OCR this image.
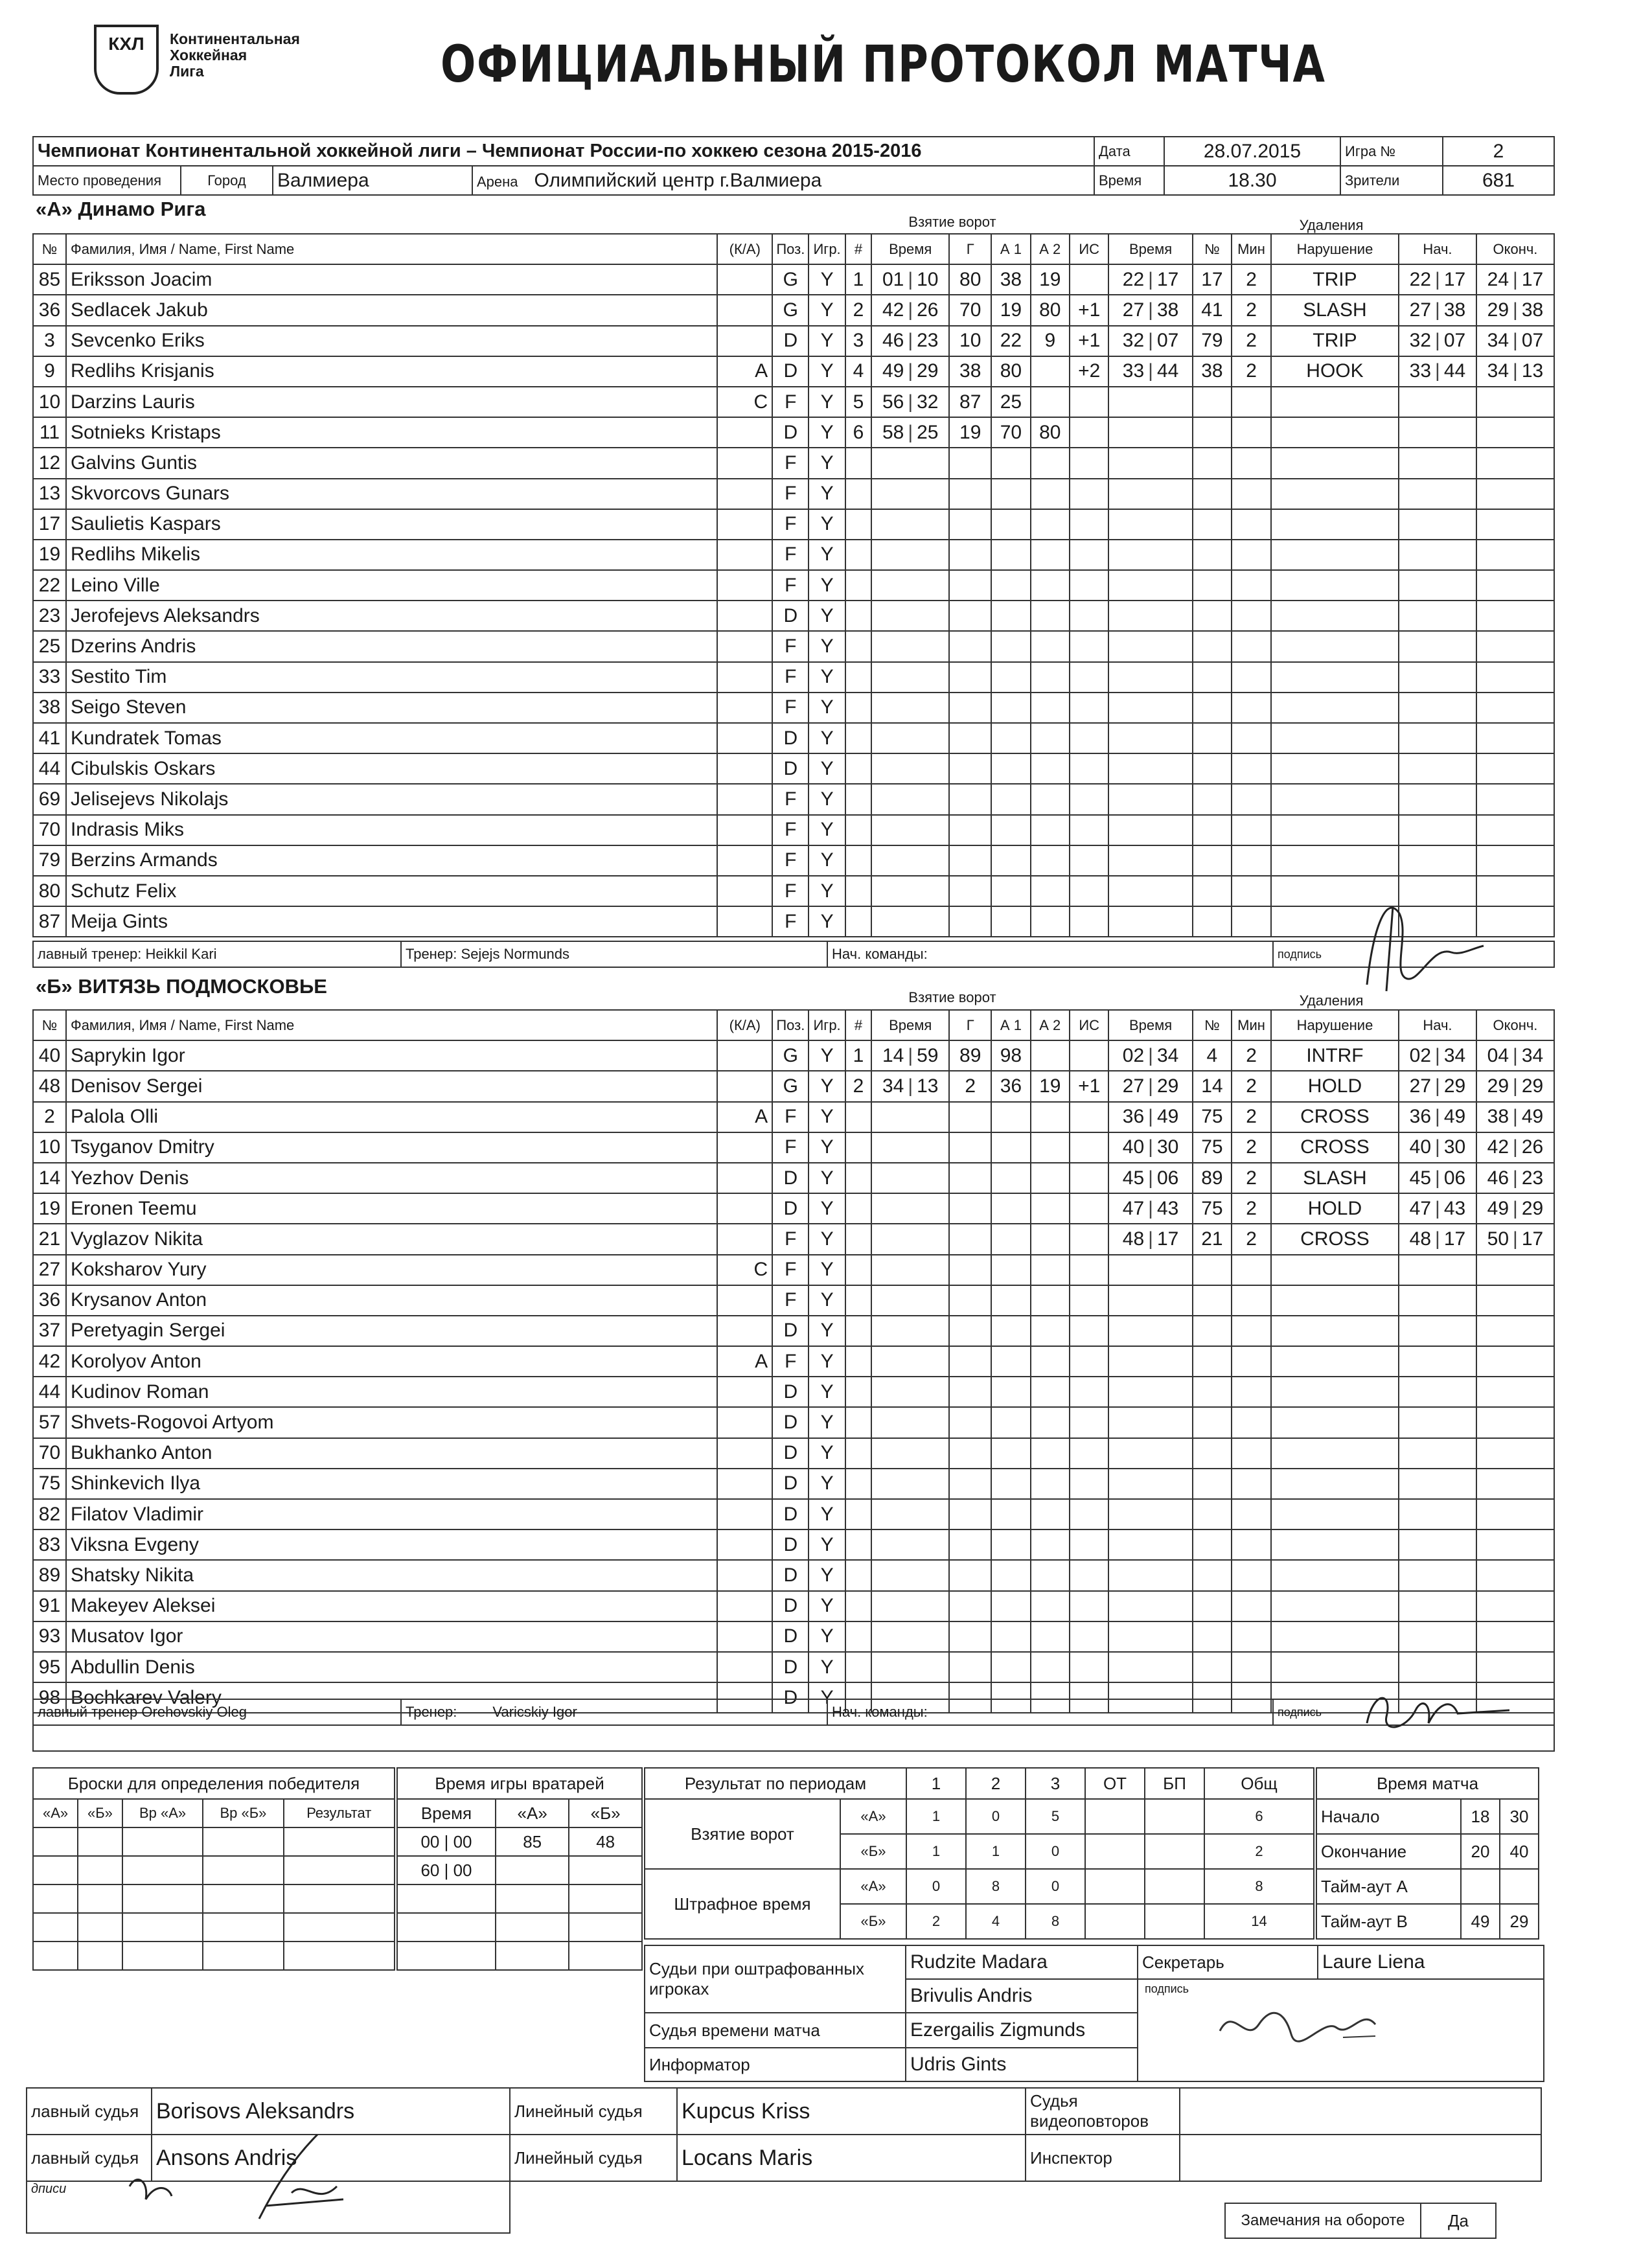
КХЛ	Континентальная
Хоккейная
Лига	ОФИЦИАЛЬНЫЙ ПРОТОКОЛ МАТЧА
Чемпионат Континентальной хоккейной лиги – Чемпионат России-по хоккею сезона 2015-2016				Дата	28.07.2015	Игра №	2
Место проведения	Город	Валмиера	Арена Олимпийский центр г.Валмиера	Время	18.30	Зрители	681
«А» Динамо Рига
Взятие ворот	Удаления
№	Фамилия, Имя / Name, First Name	(К/А)	Поз.	Игр.	#	Время	Г	А 1	А 2	ИС	Время	№	Мин	Нарушение	Нач.	Оконч.
85	Eriksson Joacim		G	Y	1	01 | 10	80	38	19		22 | 17	17	2	TRIP	22 | 17	24 | 17
36	Sedlacek Jakub		G	Y	2	42 | 26	70	19	80	+1	27 | 38	41	2	SLASH	27 | 38	29 | 38
3	Sevcenko Eriks		D	Y	3	46 | 23	10	22	9	+1	32 | 07	79	2	TRIP	32 | 07	34 | 07
9	Redlihs Krisjanis	A	D	Y	4	49 | 29	38	80		+2	33 | 44	38	2	HOOK	33 | 44	34 | 13
10	Darzins Lauris	C	F	Y	5	56 | 32	87	25								
11	Sotnieks Kristaps		D	Y	6	58 | 25	19	70	80							
12	Galvins Guntis		F	Y												
13	Skvorcovs Gunars		F	Y												
17	Saulietis Kaspars		F	Y												
19	Redlihs Mikelis		F	Y												
22	Leino Ville		F	Y												
23	Jerofejevs Aleksandrs		D	Y												
25	Dzerins Andris		F	Y												
33	Sestito Tim		F	Y												
38	Seigo Steven		F	Y												
41	Kundratek Tomas		D	Y												
44	Cibulskis Oskars		D	Y												
69	Jelisejevs Nikolajs		F	Y												
70	Indrasis Miks		F	Y												
79	Berzins Armands		F	Y												
80	Schutz Felix		F	Y												
87	Meija Gints		F	Y												
лавный тренер: Heikkil Kari	Тренер: Sejejs Normunds	Нач. команды:	подпись
«Б» ВИТЯЗЬ ПОДМОСКОВЬЕ	Взятие ворот	Удаления
№	Фамилия, Имя / Name, First Name	(К/А)	Поз.	Игр.	#	Время	Г	А 1	А 2	ИС	Время	№	Мин	Нарушение	Нач.	Оконч.
40	Saprykin Igor		G	Y	1	14 | 59	89	98			02 | 34	4	2	INTRF	02 | 34	04 | 34
48	Denisov Sergei		G	Y	2	34 | 13	2	36	19	+1	27 | 29	14	2	HOLD	27 | 29	29 | 29
2	Palola Olli	A	F	Y							36 | 49	75	2	CROSS	36 | 49	38 | 49
10	Tsyganov Dmitry		F	Y							40 | 30	75	2	CROSS	40 | 30	42 | 26
14	Yezhov Denis		D	Y							45 | 06	89	2	SLASH	45 | 06	46 | 23
19	Eronen Teemu		D	Y							47 | 43	75	2	HOLD	47 | 43	49 | 29
21	Vyglazov Nikita		F	Y							48 | 17	21	2	CROSS	48 | 17	50 | 17
27	Koksharov Yury	C	F	Y												
36	Krysanov Anton		F	Y												
37	Peretyagin Sergei		D	Y												
42	Korolyov Anton	A	F	Y												
44	Kudinov Roman		D	Y												
57	Shvets-Rogovoi Artyom		D	Y												
70	Bukhanko Anton		D	Y												
75	Shinkevich Ilya		D	Y												
82	Filatov Vladimir		D	Y												
83	Viksna Evgeny		D	Y												
89	Shatsky Nikita		D	Y												
91	Makeyev Aleksei		D	Y												
93	Musatov Igor		D	Y												
95	Abdullin Denis		D	Y												
98	Bochkarev Valery		D	Y												
лавный тренер Orehovskiy Oleg	Тренер:	Varicskiy Igor	Нач. команды:	подпись

Броски для определения победителя				
«А»	«Б»	Вр «А»	Вр «Б»	Результат

Время игры вратарей		
Время	«А»	«Б»
00 | 00	85	48
60 | 00		

Результат по периодам		1	2	3	ОТ	БП	Общ
Взятие ворот	«А»	1	0	5			6
	«Б»	1	1	0			2
Штрафное время	«А»	0	8	0			8
	«Б»	2	4	8			14
Время матча		
Начало	18	30
Окончание	20	40
Тайм-аут А		
Тайм-аут В	49	29
Судьи при оштрафованных игроках	Rudzite Madara	Секретарь	Laure Liena
	Brivulis Andris	подпись	

Судья времени матча	Ezergailis Zigmunds		
Информатор	Udris Gints		
лавный судья	Borisovs Aleksandrs	Линейный судья	Kupcus Kriss	Судья видеоповторов	
лавный судья	Ansons Andris	Линейный судья	Locans Maris	Инспектор	

дписи					

Замечания на обороте	Да
